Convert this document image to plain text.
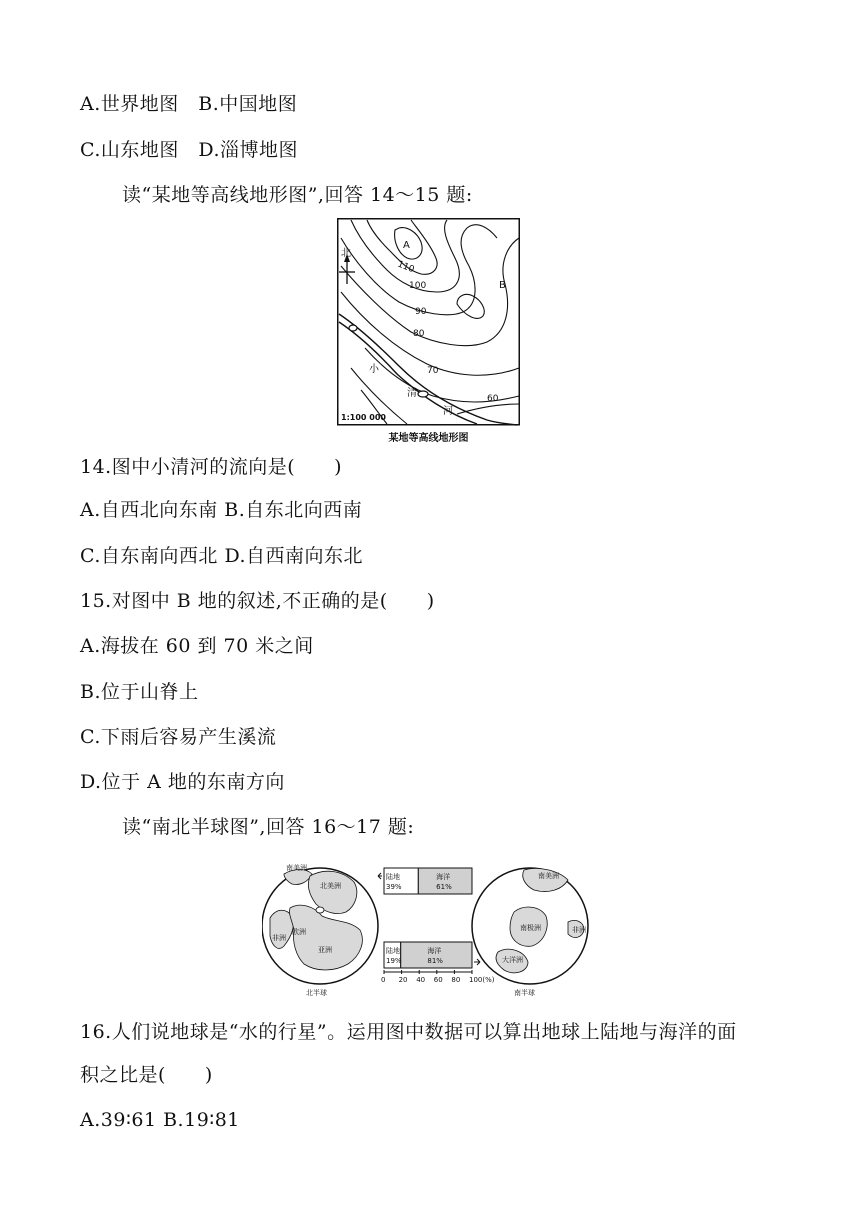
A.世界地图　B.中国地图
C.山东地图　D.淄博地图
读“某地等高线地形图”,回答 14～15 题:
北
A
B
110
100
90
80
70
60
小
清
河
1:100 000
某地等高线地形图
14.图中小清河的流向是(　　)
A.自西北向东南 B.自东北向西南
C.自东南向西北 D.自西南向东北
15.对图中 B 地的叙述,不正确的是(　　)
A.海拔在 60 到 70 米之间
B.位于山脊上
C.下雨后容易产生溪流
D.位于 A 地的东南方向
读“南北半球图”,回答 16～17 题:
南美洲
北美洲
欧洲
非洲
亚洲
北半球
南美洲
南极洲	非洲
大洋洲
南半球
陆地
39%
海洋
61%
陆地
19%
海洋
81%
0 20 40 60 80 100(%)
16.人们说地球是“水的行星”。运用图中数据可以算出地球上陆地与海洋的面
积之比是(　　)
A.39∶61 B.19∶81
